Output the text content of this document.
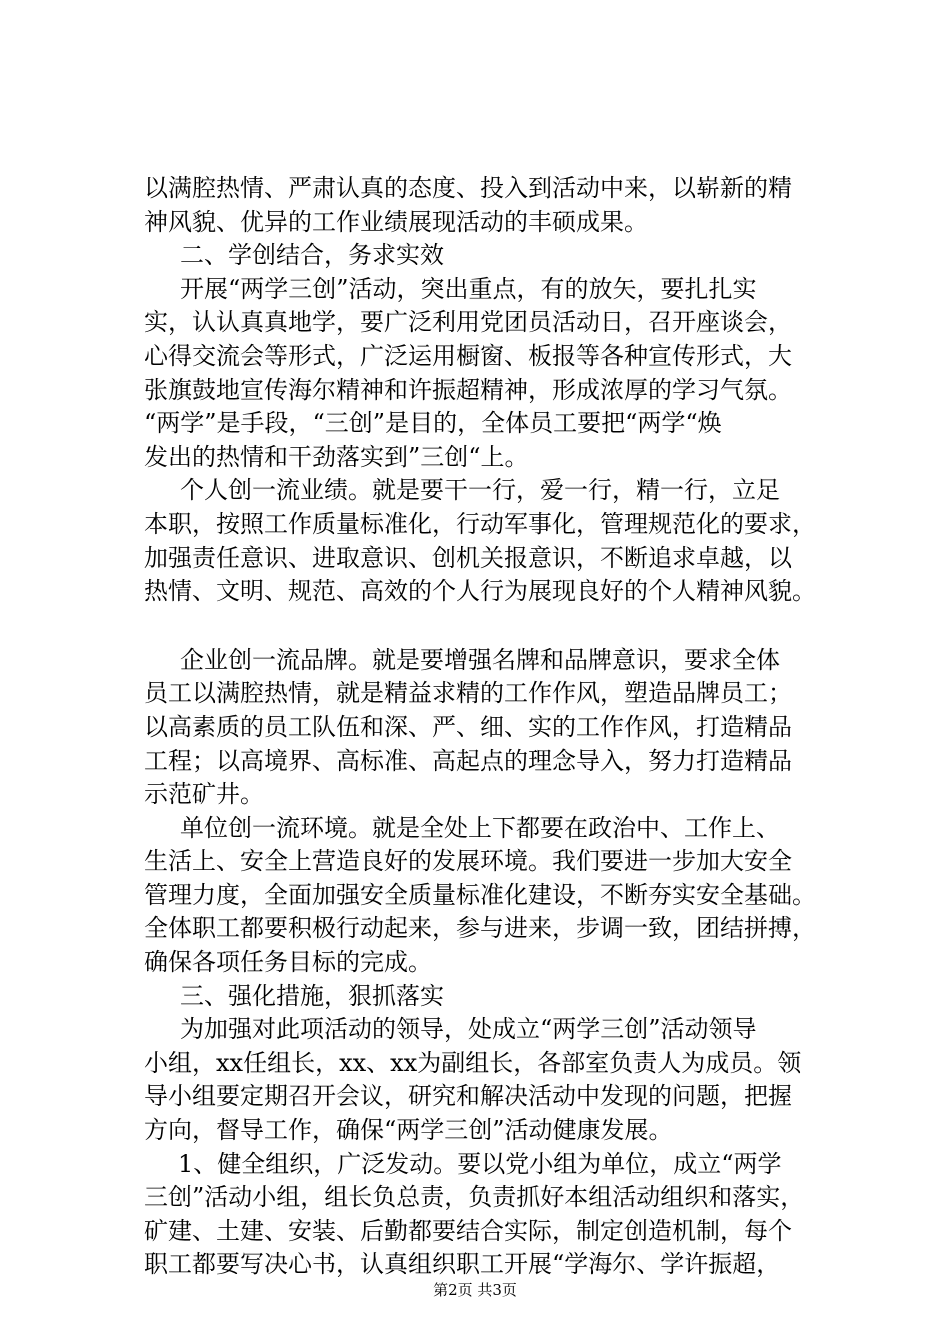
以满腔热情、严肃认真的态度、投入到活动中来，以崭新的精
神风貌、优异的工作业绩展现活动的丰硕成果。
二、学创结合，务求实效
开展“两学三创”活动，突出重点，有的放矢，要扎扎实
实，认认真真地学，要广泛利用党团员活动日，召开座谈会，
心得交流会等形式，广泛运用橱窗、板报等各种宣传形式，大
张旗鼓地宣传海尔精神和许振超精神，形成浓厚的学习气氛。
“两学”是手段，“三创”是目的，全体员工要把“两学“焕
发出的热情和干劲落实到”三创“上。
个人创一流业绩。就是要干一行，爱一行，精一行，立足
本职，按照工作质量标准化，行动军事化，管理规范化的要求，
加强责任意识、进取意识、创机关报意识，不断追求卓越，以
热情、文明、规范、高效的个人行为展现良好的个人精神风貌。
企业创一流品牌。就是要增强名牌和品牌意识，要求全体
员工以满腔热情，就是精益求精的工作作风，塑造品牌员工；
以高素质的员工队伍和深、严、细、实的工作作风，打造精品
工程；以高境界、高标准、高起点的理念导入，努力打造精品
示范矿井。
单位创一流环境。就是全处上下都要在政治中、工作上、
生活上、安全上营造良好的发展环境。我们要进一步加大安全
管理力度，全面加强安全质量标准化建设，不断夯实安全基础。
全体职工都要积极行动起来，参与进来，步调一致，团结拼搏，
确保各项任务目标的完成。
三、强化措施，狠抓落实
为加强对此项活动的领导，处成立“两学三创”活动领导
小组，xx任组长，xx、xx为副组长，各部室负责人为成员。领
导小组要定期召开会议，研究和解决活动中发现的问题，把握
方向，督导工作，确保“两学三创”活动健康发展。
1、健全组织，广泛发动。要以党小组为单位，成立“两学
三创”活动小组，组长负总责，负责抓好本组活动组织和落实，
矿建、土建、安装、后勤都要结合实际，制定创造机制，每个
职工都要写决心书，认真组织职工开展“学海尔、学许振超，
第2页 共3页
